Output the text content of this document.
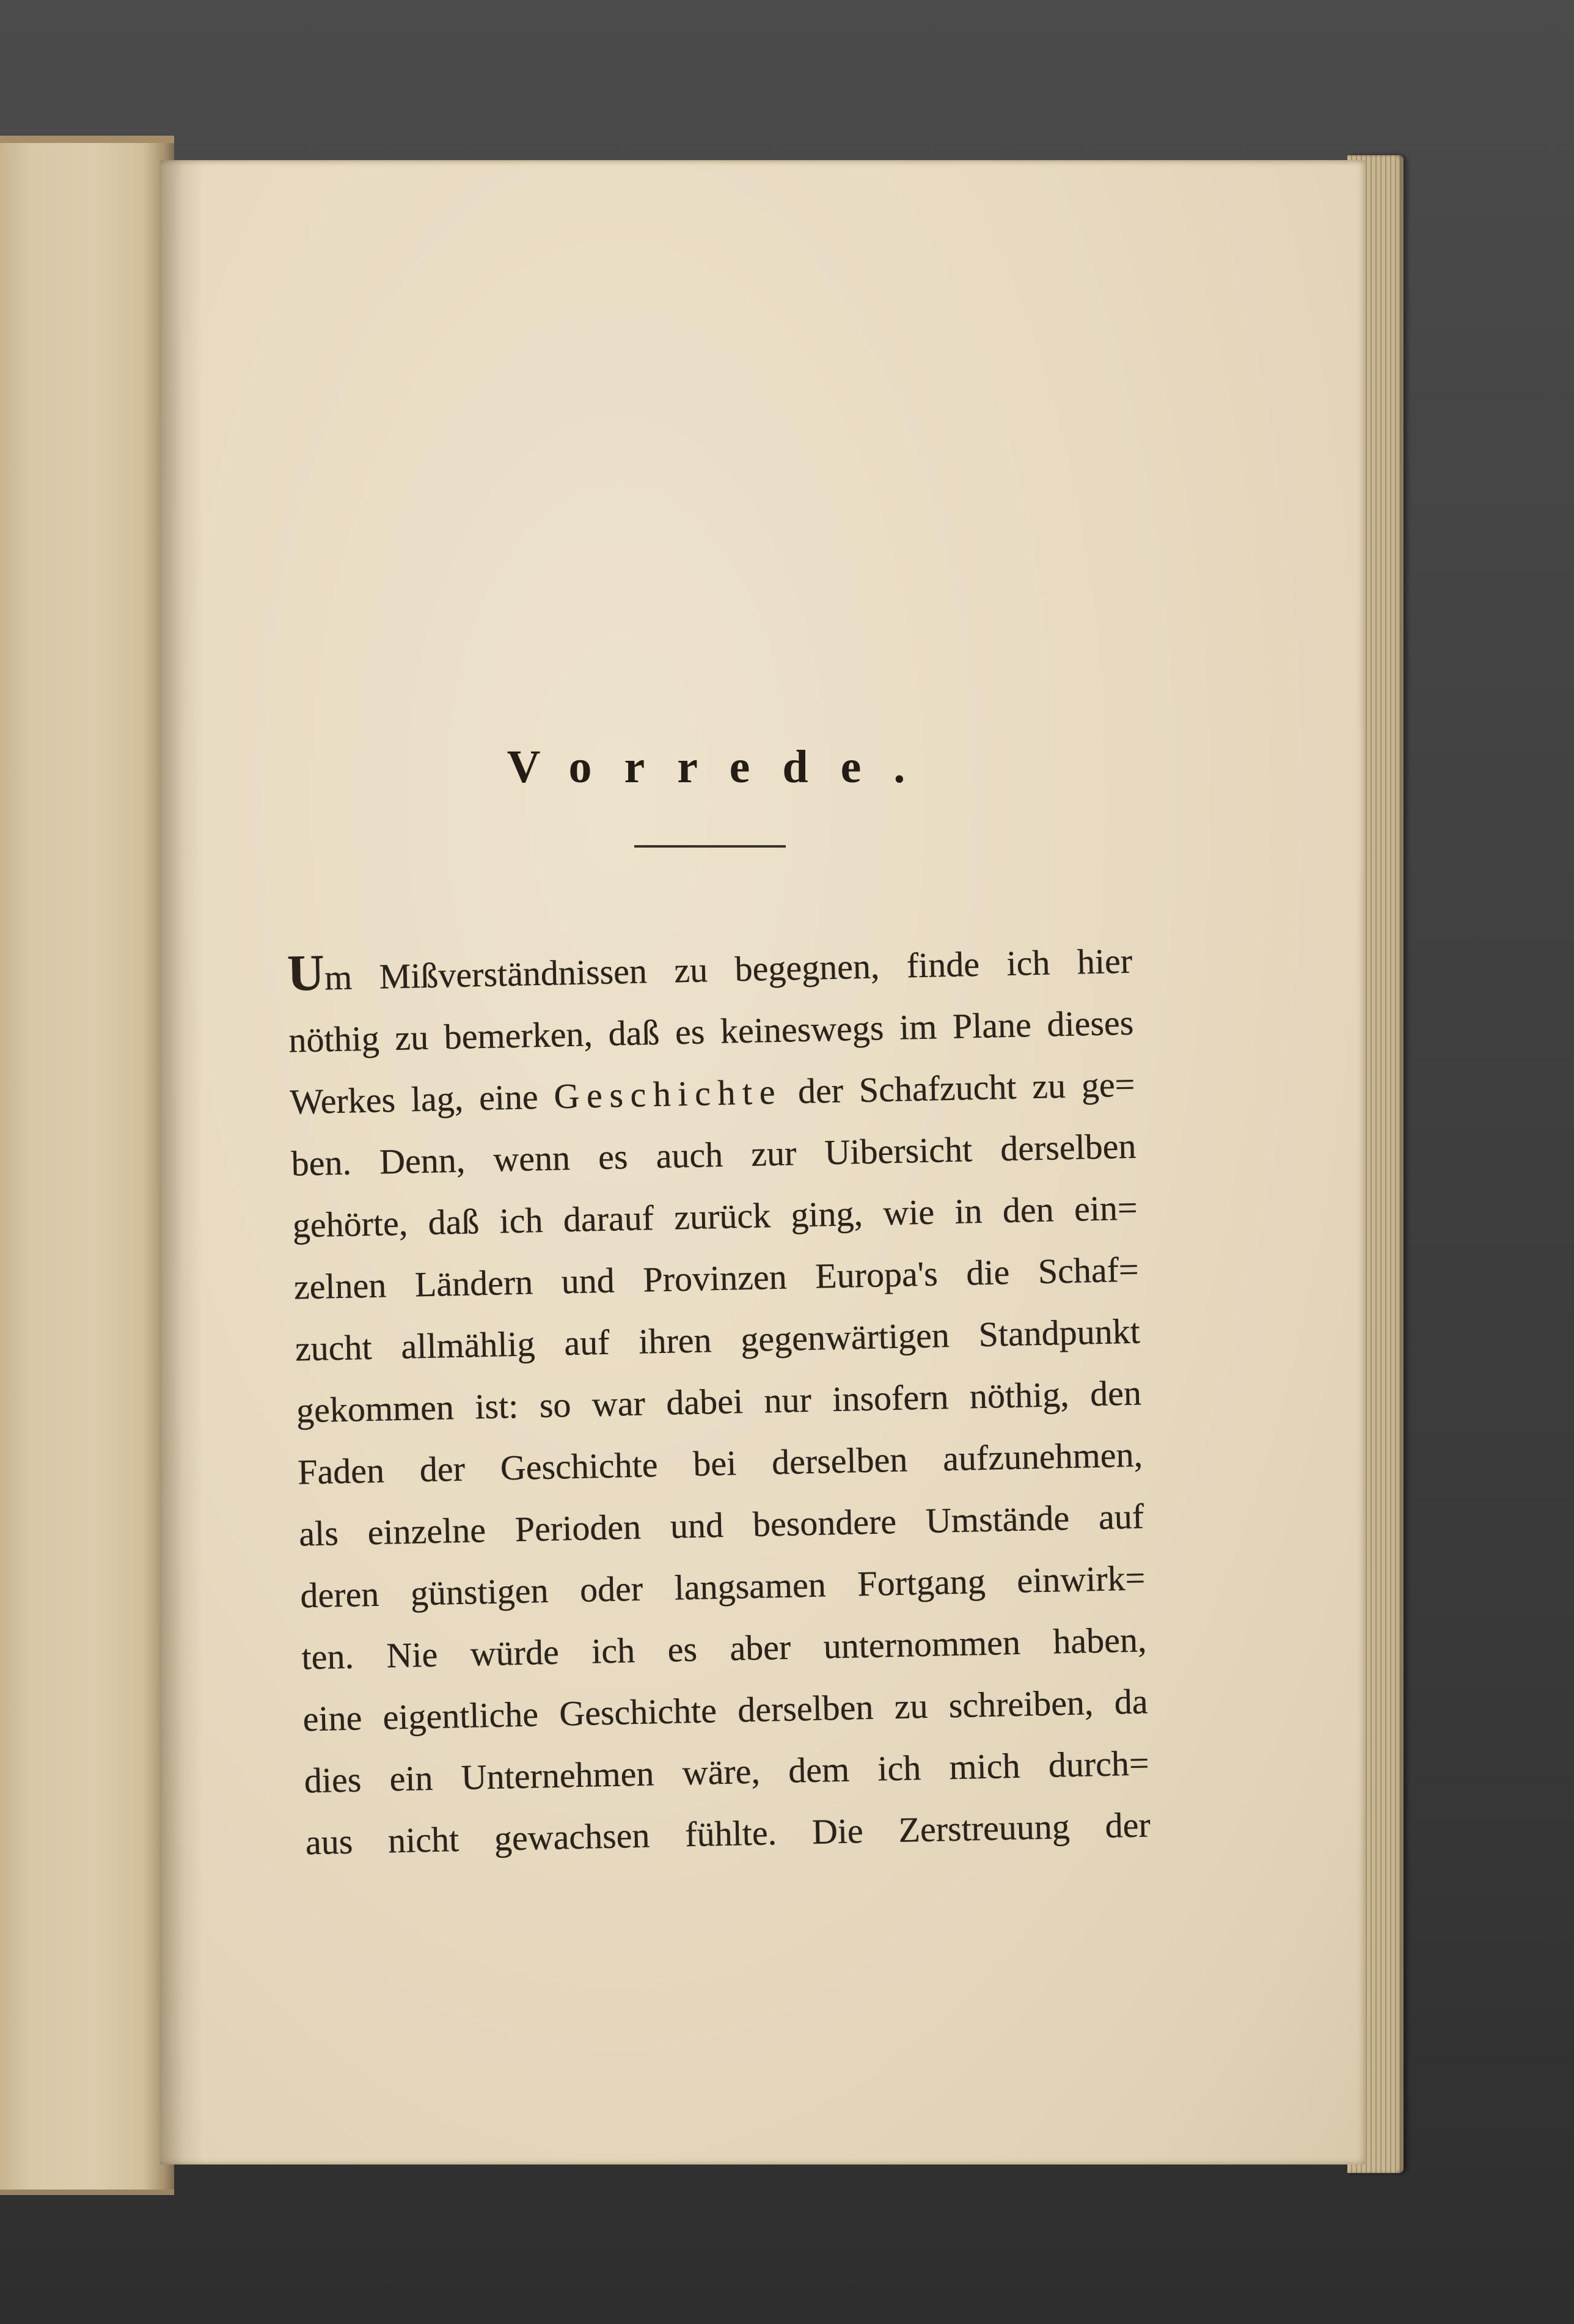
Vorrede.
Um Mißverständnissen zu begegnen, finde ich hier
nöthig zu bemerken, daß es keineswegs im Plane dieses
Werkes lag, eine Geschichte der Schafzucht zu ge=
ben. Denn, wenn es auch zur Uibersicht derselben
gehörte, daß ich darauf zurück ging, wie in den ein=
zelnen Ländern und Provinzen Europa's die Schaf=
zucht allmählig auf ihren gegenwärtigen Standpunkt
gekommen ist: so war dabei nur insofern nöthig, den
Faden der Geschichte bei derselben aufzunehmen,
als einzelne Perioden und besondere Umstände auf
deren günstigen oder langsamen Fortgang einwirk=
ten. Nie würde ich es aber unternommen haben,
eine eigentliche Geschichte derselben zu schreiben, da
dies ein Unternehmen wäre, dem ich mich durch=
aus nicht gewachsen fühlte. Die Zerstreuung der
